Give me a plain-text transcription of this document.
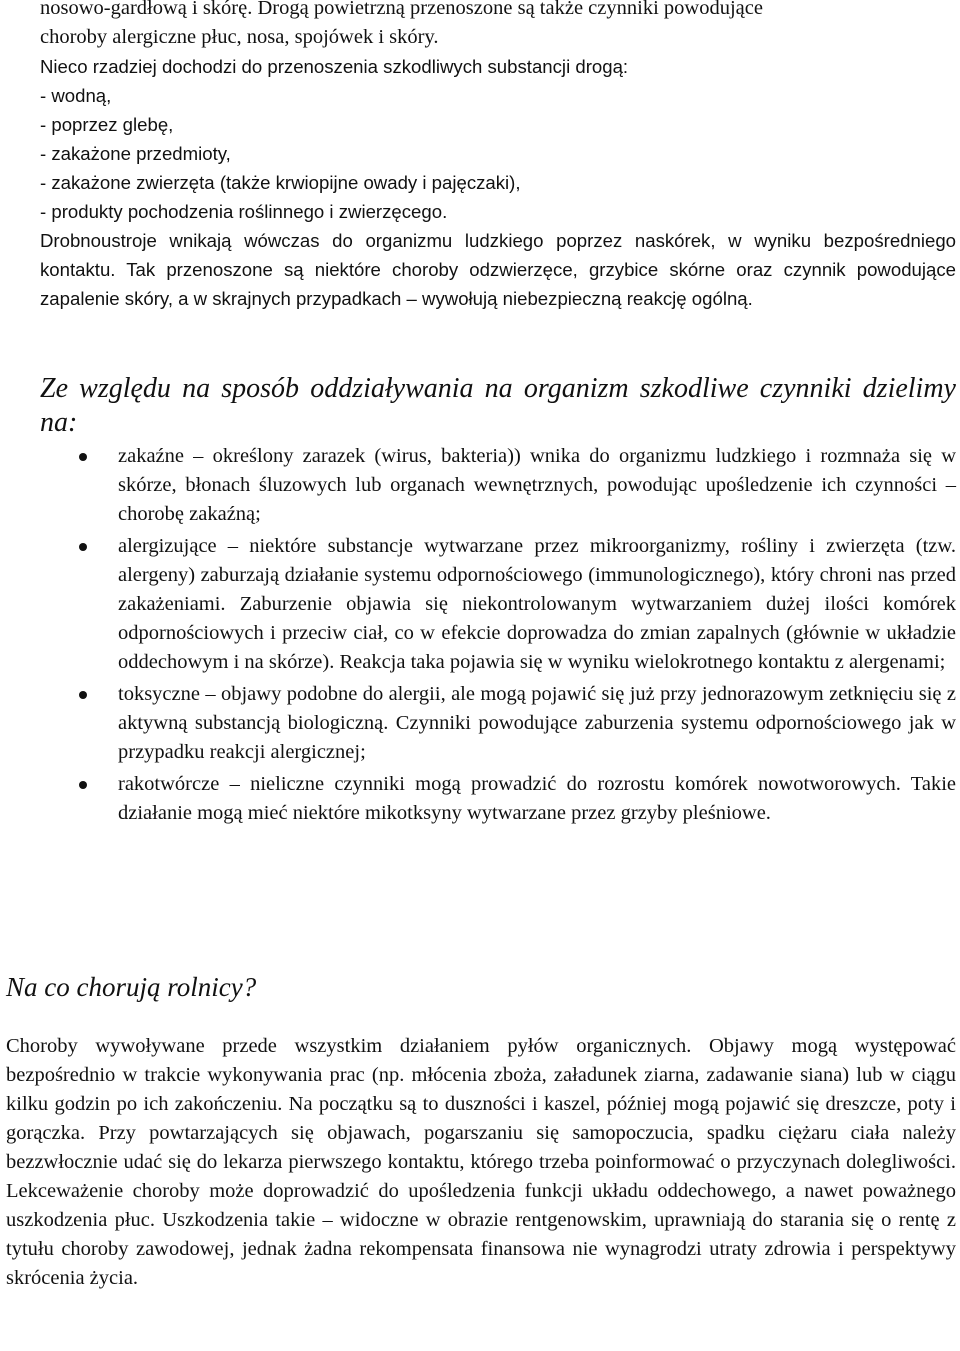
nosowo-gardłową i skórę. Drogą powietrzną przenoszone są także czynniki powodujące
choroby alergiczne płuc, nosa, spojówek i skóry.
Nieco rzadziej dochodzi do przenoszenia szkodliwych substancji drogą:
- wodną,
- poprzez glebę,
- zakażone przedmioty,
- zakażone zwierzęta (także krwiopijne owady i pajęczaki),
- produkty pochodzenia roślinnego i zwierzęcego.
Drobnoustroje wnikają wówczas do organizmu ludzkiego poprzez naskórek, w wyniku bezpośredniego kontaktu. Tak przenoszone są niektóre choroby odzwierzęce, grzybice skórne oraz czynnik powodujące zapalenie skóry, a w skrajnych przypadkach – wywołują niebezpieczną reakcję ogólną.
Ze względu na sposób oddziaływania na organizm szkodliwe czynniki dzielimy na:
zakaźne – określony zarazek (wirus, bakteria)) wnika do organizmu ludzkiego i rozmnaża się w skórze, błonach śluzowych lub organach wewnętrznych, powodując upośledzenie ich czynności – chorobę zakaźną;
alergizujące – niektóre substancje wytwarzane przez mikroorganizmy, rośliny i zwierzęta (tzw. alergeny) zaburzają działanie systemu odpornościowego (immunologicznego), który chroni nas przed zakażeniami. Zaburzenie objawia się niekontrolowanym wytwarzaniem dużej ilości komórek odpornościowych i przeciw ciał, co w efekcie doprowadza do zmian zapalnych (głównie w układzie oddechowym i na skórze). Reakcja taka pojawia się w wyniku wielokrotnego kontaktu z alergenami;
toksyczne – objawy podobne do alergii, ale mogą pojawić się już przy jednorazowym zetknięciu się z aktywną substancją biologiczną. Czynniki powodujące zaburzenia systemu odpornościowego jak w przypadku reakcji alergicznej;
rakotwórcze – nieliczne czynniki mogą prowadzić do rozrostu komórek nowotworowych. Takie działanie mogą mieć niektóre mikotksyny wytwarzane przez grzyby pleśniowe.
Na co chorują rolnicy?
Choroby wywoływane przede wszystkim działaniem pyłów organicznych. Objawy mogą występować bezpośrednio w trakcie wykonywania prac (np. młócenia zboża, załadunek ziarna, zadawanie siana) lub w ciągu kilku godzin po ich zakończeniu. Na początku są to duszności i kaszel, później mogą pojawić się dreszcze, poty i gorączka. Przy powtarzających się objawach, pogarszaniu się samopoczucia, spadku ciężaru ciała należy bezzwłocznie udać się do lekarza pierwszego kontaktu, którego trzeba poinformować o przyczynach dolegliwości. Lekceważenie choroby może doprowadzić do upośledzenia funkcji układu oddechowego, a nawet poważnego uszkodzenia płuc. Uszkodzenia takie – widoczne w obrazie rentgenowskim, uprawniają do starania się o rentę z tytułu choroby zawodowej, jednak żadna rekompensata finansowa nie wynagrodzi utraty zdrowia i perspektywy skrócenia życia.
